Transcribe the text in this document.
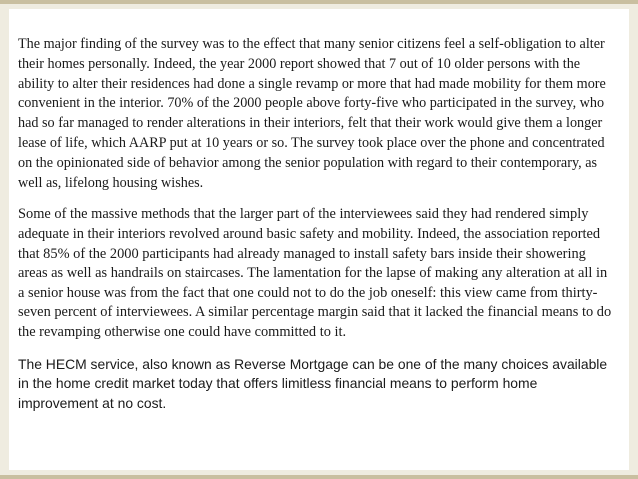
The major finding of the survey was to the effect that many senior citizens feel a self-obligation to alter their homes personally. Indeed, the year 2000 report showed that 7 out of 10 older persons with the ability to alter their residences had done a single revamp or more that had made mobility for them more convenient in the interior. 70% of the 2000 people above forty-five who participated in the survey, who had so far managed to render alterations in their interiors, felt that their work would give them a longer lease of life, which AARP put at 10 years or so. The survey took place over the phone and concentrated on the opinionated side of behavior among the senior population with regard to their contemporary, as well as, lifelong housing wishes.

Some of the massive methods that the larger part of the interviewees said they had rendered simply adequate in their interiors revolved around basic safety and mobility. Indeed, the association reported that 85% of the 2000 participants had already managed to install safety bars inside their showering areas as well as handrails on staircases. The lamentation for the lapse of making any alteration at all in a senior house was from the fact that one could not to do the job oneself: this view came from thirty-seven percent of interviewees. A similar percentage margin said that it lacked the financial means to do the revamping otherwise one could have committed to it.

The HECM service, also known as Reverse Mortgage can be one of the many choices available in the home credit market today that offers limitless financial means to perform home improvement at no cost.
